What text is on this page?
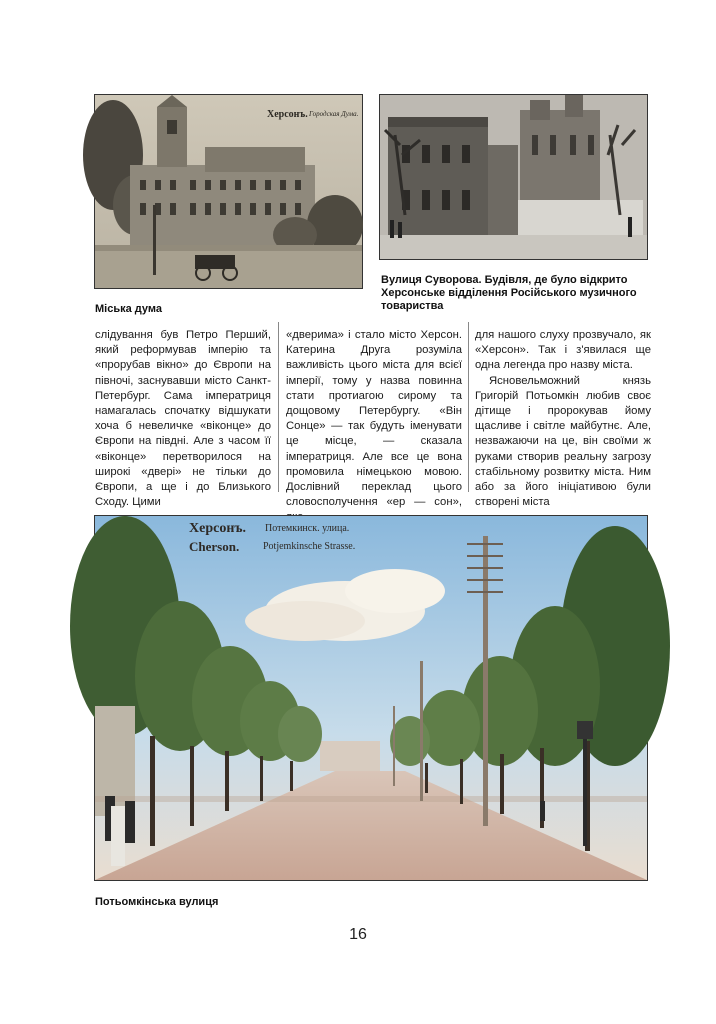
Херсонъ. Городская Дума.
Міська дума
Вулиця Суворова. Будівля, де було відкрито
Херсонське відділення Російського музичного
товариства

слідування був Петро Перший, який реформував імперію та «прорубав вікно» до Європи на півночі, заснувавши місто Санкт-Петербург. Сама імператриця намагалась спочатку відшукати хоча б невеличке «віконце» до Європи на півдні. Але з часом її «віконце» перетворилося на широкі «двері» не тільки до Європи, а ще і до Близького Сходу. Цими

«дверима» і стало місто Херсон. Катерина Друга розуміла важливість цього міста для всієї імперії, тому у назва повинна стати протиагою сирому та дощовому Петербургу. «Він Сонце» — так будуть іменувати це місце, — сказала імператриця. Але все це вона промовила німецькою мовою. Дослівний переклад цього словосполучення «ер — сон»,

для нашого слуху прозвучало, як «Херсон». Так і з'явилася ще одна легенда про назву міста.

Ясновельможний князь Григорій Потьомкін любив своє дітище і пророкував йому щасливе і світле майбутнє. Але, незважаючи на це, він своїми ж руками створив реальну загрозу стабільному розвитку міста. Ним або за його ініціативою були створені міста

Херсонъ. Потемкинск. улица.
Cherson. Potjemkinsche Strasse.
Потьомкінська вулиця
16
